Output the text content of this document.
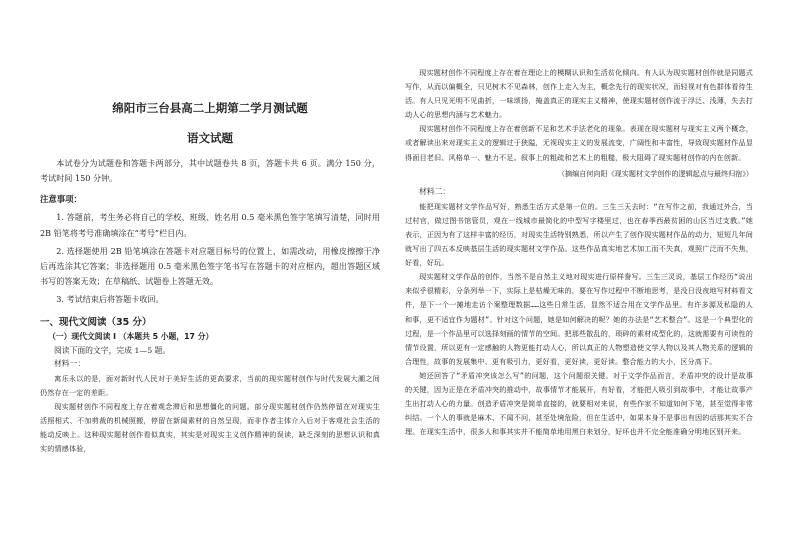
绵阳市三台县高二上期第二学月测试题

语文试题

本试卷分为试题卷和答题卡两部分，其中试题卷共 8 页，答题卡共 6 页。满分 150 分，考试时间 150 分钟。

注意事项：

1. 答题前，考生务必将自己的学校、班级、姓名用 0.5 毫米黑色签字笔填写清楚，同时用 2B 铅笔将考号准确填涂在“考号”栏目内。

2. 选择题使用 2B 铅笔填涂在答题卡对应题目标号的位置上，如需改动，用橡皮擦擦干净后再选涂其它答案；非选择题用 0.5 毫米黑色签字笔书写在答题卡的对应框内，超出答题区域书写的答案无效；在草稿纸、试题卷上答题无效。

3. 考试结束后将答题卡收回。

一、现代文阅读（35 分）

（一）现代文阅读 I （本题共 5 小题，17 分）

阅读下面的文字，完成 1—5 题。

材料一：

寓乐永以的是，面对新时代人民对于美好生活的更高要求，当前的现实题材创作与时代发展大潮之间仍然存在一定的差距。

现实题材创作不同程度上存在着观念滞后和思想僵化的问题。部分现实题材创作仍然停留在对现实生活照相式、不加剪裁的机械照搬，停留在新闻素材的自然呈现，而非作者主体介入后对于客观社会生活的能动反映上。这种现实题材创作看似真实，其实是对现实主义创作精神的误读，缺乏深刻的思想认识和真实的情感体验，

现实题材创作不同程度上存在着在理论上的模糊认识和生活贫化倾向。有人认为现实题材创作就是同题式写作，从而以偏概全，只见树木不见森林，创作上走入为主，概念先行的现实状况，而轻视对有色群体看待生活。有人只见光明不见曲折，一味颂扬，掩盖真正的现实主义精神，使现实题材创作流于浮泛、浅薄，失去打动人心的思想内涵与艺术魅力。

现实题材创作不同程度上存在着创新不足和艺术手法老化的现象。表现在现实题材与现实主义两个概念，或者解读出来对现实主义的逻辑过于狭隘，无视现实主义的发展流变，广阔性和丰富性，导致现实题材作品显得面目老旧、风格单一、魅力不足。叙事上的粗疏和艺术上的粗糙，极大阻碍了现实题材创作的内在创新。

（摘编自何向阳《现实题材文学创作的逻辑起点与最终归宿》）

材料二：

能把现实题材文学作品写好，熟悉生活方式是第一位的。三生三天去时：“在写作之前，我通过外合，当过村官，做过图书馆管员，观在一线城市最简化的中型写字楼里过，也在春季西最贫困的山区当过支教。”她表示，正因为有了这样丰富的经历，对现实生活特别熟悉，所以产生了创作现实题材作品的动力，短短几年间就写出了四五本反映基层生活的现实题材文学作品。这些作品真实地艺术加工而不失真，观照广泛而不失焦，好看，好玩。

现实题材文学作品的创作，当然不是自然主义地对现实进行原样誊写。三生三灵说，基层工作经历“说出来似乎很精彩，分条列举一下，实际上是枯燥无味的，要在写作过程中不断地思考，是没日没夜地写材料看文件，是下一个一摊地走访个案整理数据……这些日常生活，显然不适合用在文学作品里。有许多源及私隐的人和事，更不适宜作为题材”。针对这个问题，她是如何解决的呢？她的办法是“艺术整合”。这是一个典型化的过程，是一个作品里可以选择刻画的情节的空间。把那些散乱的，琐碎的素材成型化的，这就需要有可读性的情节设置，所以更有一定感触的人物更能打动人心，所以真正的人物塑造使文学人物以及其人物关系的逻辑的合理性，故事的发展集中、更有吸引力，更好看，更好读，更好读。整合能力的大小，区分高下。

她还回答了“矛盾冲突该怎么写”的问题，这个问题很关键。对于文学作品而言，矛盾冲突的设计是故事的关键，因为正是在矛盾冲突的推动中，故事情节才能展开，有好看，才能把人吸引到故事中，才能让故事产生出打动人心的力量。创造矛盾冲突是简单直接的，就要相对来说，有些作家不知道如何下笔，甚至觉得非常纠结。一个人的事就是麻木、不闻不问，甚至处境危险，但在生活中，如果本身不是事出有因的话那其实不合理。在现实生活中，很多人和事其实并不能简单地用黑白来划分，好坏也并不完全能准确分明地区别开来。
